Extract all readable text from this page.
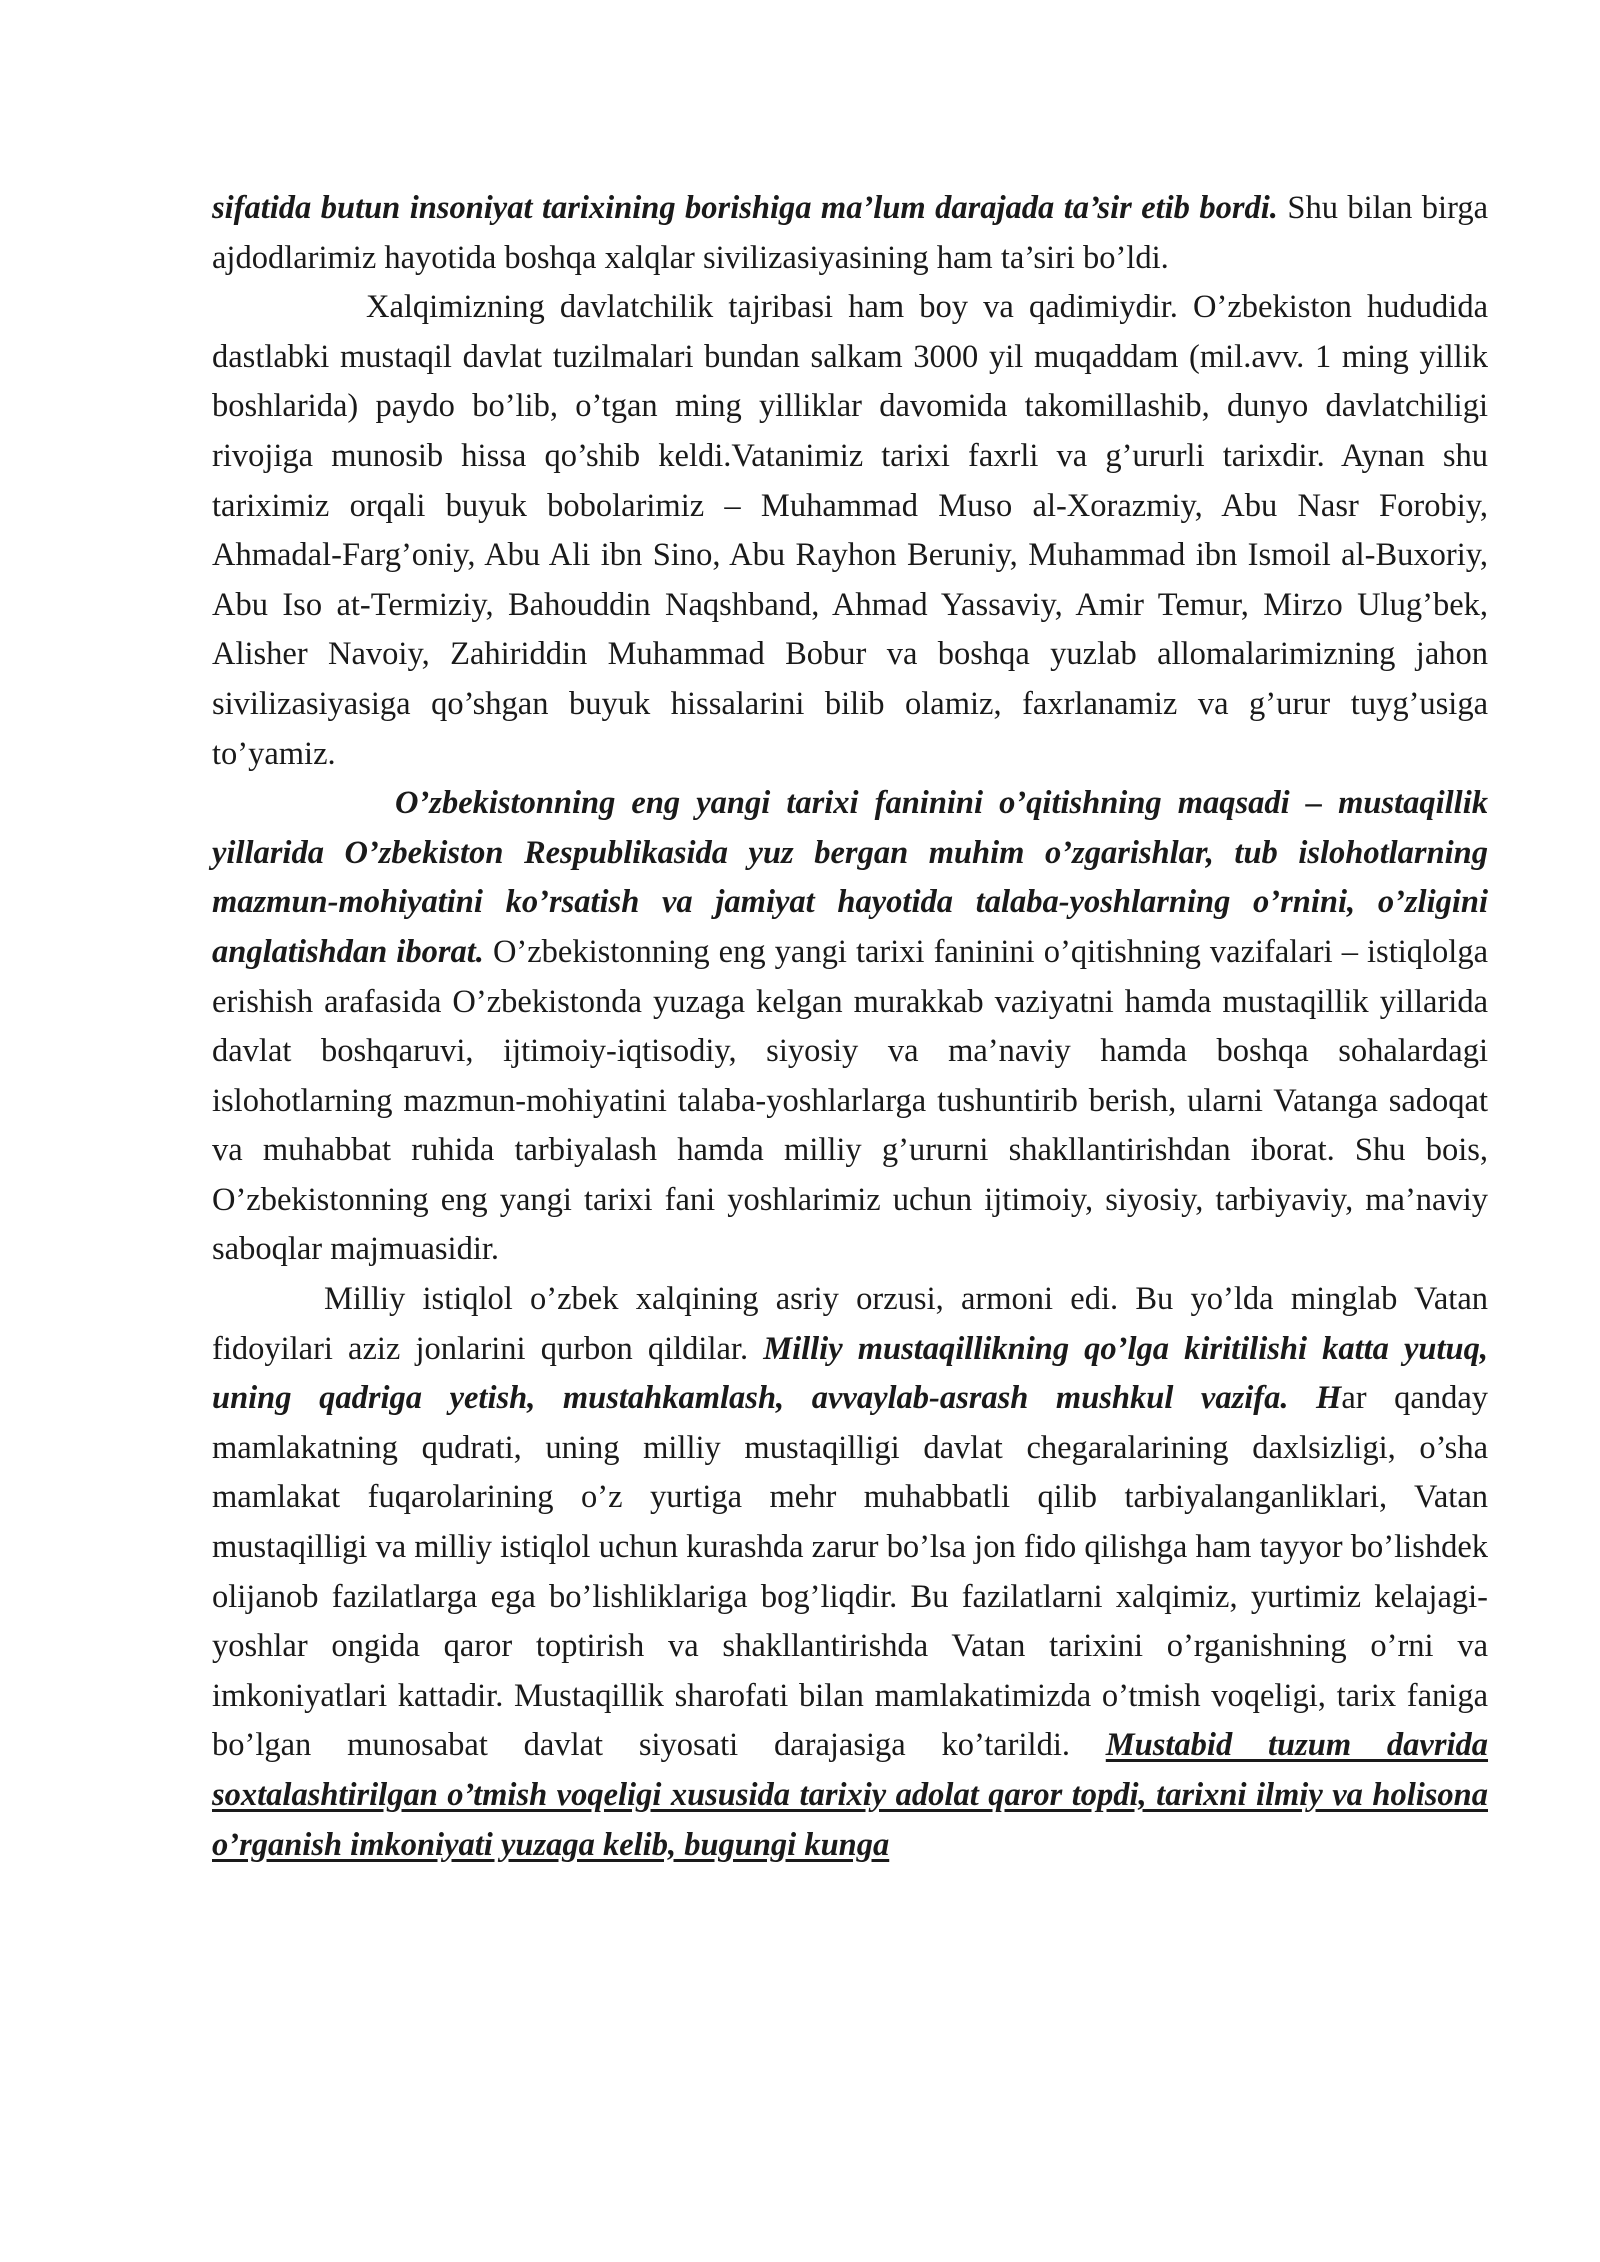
sifatida butun insoniyat tarixining borishiga ma’lum darajada ta’sir etib bordi. Shu bilan birga ajdodlarimiz hayotida boshqa xalqlar sivilizasiyasining ham ta’siri bo’ldi.

Xalqimizning davlatchilik tajribasi ham boy va qadimiydir. O’zbekiston hududida dastlabki mustaqil davlat tuzilmalari bundan salkam 3000 yil muqaddam (mil.avv. 1 ming yillik boshlarida) paydo bo’lib, o’tgan ming yilliklar davomida takomillashib, dunyo davlatchiligi rivojiga munosib hissa qo’shib keldi.Vatanimiz tarixi faxrli va g’ururli tarixdir. Aynan shu tariximiz orqali buyuk bobolarimiz – Muhammad Muso al-Xorazmiy, Abu Nasr Forobiy, Ahmadal-Farg’oniy, Abu Ali ibn Sino, Abu Rayhon Beruniy, Muhammad ibn Ismoil al-Buxoriy, Abu Iso at-Termiziy, Bahouddin Naqshband, Ahmad Yassaviy, Amir Temur, Mirzo Ulug’bek, Alisher Navoiy, Zahiriddin Muhammad Bobur va boshqa yuzlab allomalarimizning jahon sivilizasiyasiga qo’shgan buyuk hissalarini bilib olamiz, faxrlanamiz va g’urur tuyg’usiga to’yamiz.

O’zbekistonning eng yangi tarixi faninini o’qitishning maqsadi – mustaqillik yillarida O’zbekiston Respublikasida yuz bergan muhim o’zgarishlar, tub islohotlarning mazmun-mohiyatini ko’rsatish va jamiyat hayotida talaba-yoshlarning o’rnini, o’zligini anglatishdan iborat. O’zbekistonning eng yangi tarixi faninini o’qitishning vazifalari – istiqlolga erishish arafasida O’zbekistonda yuzaga kelgan murakkab vaziyatni hamda mustaqillik yillarida davlat boshqaruvi, ijtimoiy-iqtisodiy, siyosiy va ma’naviy hamda boshqa sohalardagi islohotlarning mazmun-mohiyatini talaba-yoshlarlarga tushuntirib berish, ularni Vatanga sadoqat va muhabbat ruhida tarbiyalash hamda milliy g’ururni shakllantirishdan iborat. Shu bois, O’zbekistonning eng yangi tarixi fani yoshlarimiz uchun ijtimoiy, siyosiy, tarbiyaviy, ma’naviy saboqlar majmuasidir.

Milliy istiqlol o’zbek xalqining asriy orzusi, armoni edi. Bu yo’lda minglab Vatan fidoyilari aziz jonlarini qurbon qildilar. Milliy mustaqillikning qo’lga kiritilishi katta yutuq, uning qadriga yetish, mustahkamlash, avvaylab-asrash mushkul vazifa. Har qanday mamlakatning qudrati, uning milliy mustaqilligi davlat chegaralarining daxlsizligi, o’sha mamlakat fuqarolarining o’z yurtiga mehr muhabbatli qilib tarbiyalanganliklari, Vatan mustaqilligi va milliy istiqlol uchun kurashda zarur bo’lsa jon fido qilishga ham tayyor bo’lishdek olijanob fazilatlarga ega bo’lishliklariga bog’liqdir. Bu fazilatlarni xalqimiz, yurtimiz kelajagi-yoshlar ongida qaror toptirish va shakllantirishda Vatan tarixini o’rganishning o’rni va imkoniyatlari kattadir. Mustaqillik sharofati bilan mamlakatimizda o’tmish voqeligi, tarix faniga bo’lgan munosabat davlat siyosati darajasiga ko’tarildi. Mustabid tuzum davrida soxtalashtirilgan o’tmish voqeligi xususida tarixiy adolat qaror topdi, tarixni ilmiy va holisona o’rganish imkoniyati yuzaga kelib, bugungi kunga
